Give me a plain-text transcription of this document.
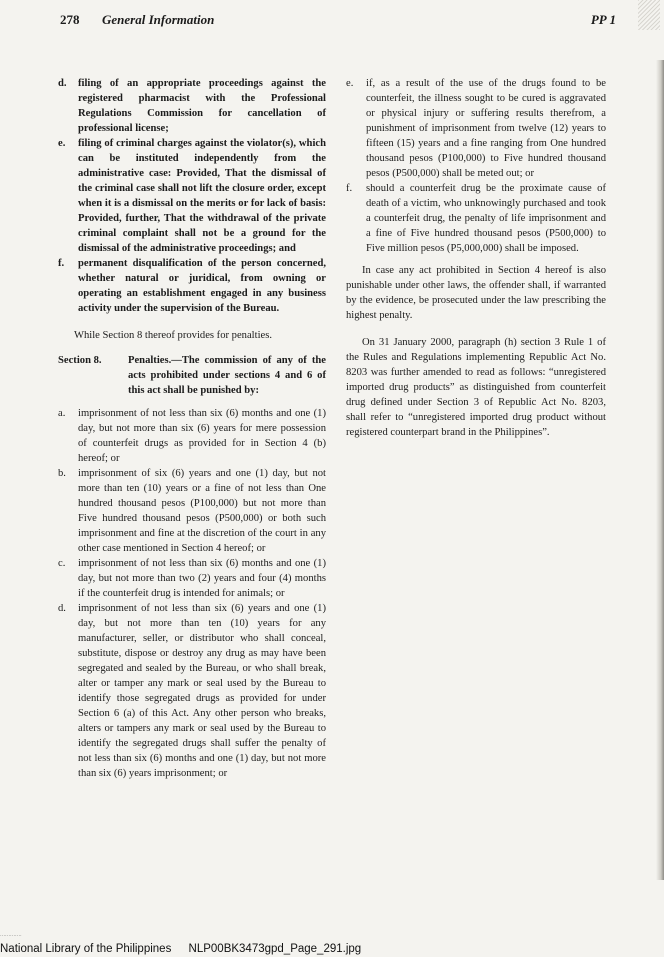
278 General Information	PP 1

d.	filing of an appropriate proceedings against the registered pharmacist with the Professional Regulations Commission for cancellation of professional license;

e.	filing of criminal charges against the violator(s), which can be instituted independently from the administrative case: Provided, That the dismissal of the criminal case shall not lift the closure order, except when it is a dismissal on the merits or for lack of basis: Provided, further, That the withdrawal of the private criminal complaint shall not be a ground for the dismissal of the administrative proceedings; and

f.	permanent disqualification of the person concerned, whether natural or juridical, from owning or operating an establishment engaged in any business activity under the supervision of the Bureau.

While Section 8 thereof provides for penalties.

Section 8. Penalties.—The commission of any of the acts prohibited under sections 4 and 6 of this act shall be punished by:

a.	imprisonment of not less than six (6) months and one (1) day, but not more than six (6) years for mere possession of counterfeit drugs as provided for in Section 4 (b) hereof; or

b.	imprisonment of six (6) years and one (1) day, but not more than ten (10) years or a fine of not less than One hundred thousand pesos (P100,000) but not more than Five hundred thousand pesos (P500,000) or both such imprisonment and fine at the discretion of the court in any other case mentioned in Section 4 hereof; or

c.	imprisonment of not less than six (6) months and one (1) day, but not more than two (2) years and four (4) months if the counterfeit drug is intended for animals; or

d.	imprisonment of not less than six (6) years and one (1) day, but not more than ten (10) years for any manufacturer, seller, or distributor who shall conceal, substitute, dispose or destroy any drug as may have been segregated and sealed by the Bureau, or who shall break, alter or tamper any mark or seal used by the Bureau to identify those segregated drugs as provided for under Section 6 (a) of this Act. Any other person who breaks, alters or tampers any mark or seal used by the Bureau to identify the segregated drugs shall suffer the penalty of not less than six (6) months and one (1) day, but not more than six (6) years imprisonment; or

e.	if, as a result of the use of the drugs found to be counterfeit, the illness sought to be cured is aggravated or physical injury or suffering results therefrom, a punishment of imprisonment from twelve (12) years to fifteen (15) years and a fine ranging from One hundred thousand pesos (P100,000) to Five hundred thousand pesos (P500,000) shall be meted out; or

f.	should a counterfeit drug be the proximate cause of death of a victim, who unknowingly purchased and took a counterfeit drug, the penalty of life imprisonment and a fine of Five hundred thousand pesos (P500,000) to Five million pesos (P5,000,000) shall be imposed.

In case any act prohibited in Section 4 hereof is also punishable under other laws, the offender shall, if warranted by the evidence, be prosecuted under the law prescribing the highest penalty.

On 31 January 2000, paragraph (h) section 3 Rule 1 of the Rules and Regulations implementing Republic Act No. 8203 was further amended to read as follows: “unregistered imported drug products” as distinguished from counterfeit drug defined under Section 3 of Republic Act No. 8203, shall refer to “unregistered imported drug product without registered counterpart brand in the Philippines”.

·············
National Library of the Philippines NLP00BK3473gpd_Page_291.jpg
